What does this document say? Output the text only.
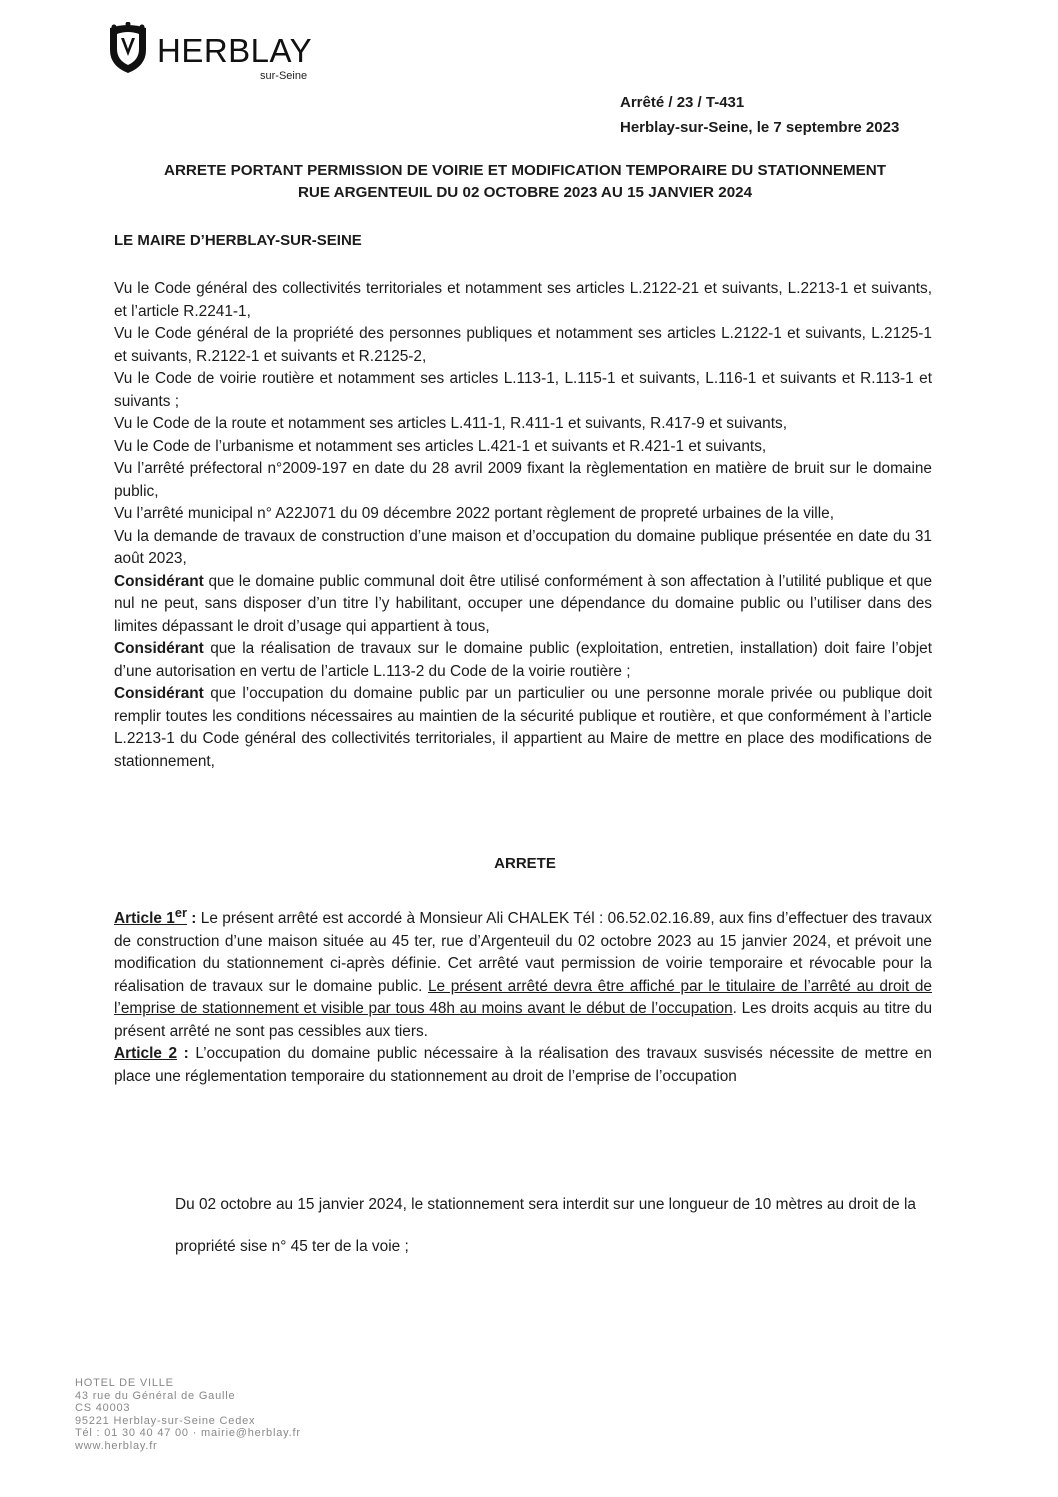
HERBLAY
sur-Seine
Arrêté / 23 / T-431
Herblay-sur-Seine, le 7 septembre 2023
ARRETE PORTANT PERMISSION DE VOIRIE ET MODIFICATION TEMPORAIRE DU STATIONNEMENT
RUE ARGENTEUIL DU 02 OCTOBRE 2023 AU 15 JANVIER 2024
LE MAIRE D’HERBLAY-SUR-SEINE

Vu le Code général des collectivités territoriales et notamment ses articles L.2122-21 et suivants, L.2213-1 et suivants, et l’article R.2241-1,

Vu le Code général de la propriété des personnes publiques et notamment ses articles L.2122-1 et suivants, L.2125-1 et suivants, R.2122-1 et suivants et R.2125-2,

Vu le Code de voirie routière et notamment ses articles L.113-1, L.115-1 et suivants, L.116-1 et suivants et R.113-1 et suivants ;

Vu le Code de la route et notamment ses articles L.411-1, R.411-1 et suivants, R.417-9 et suivants,

Vu le Code de l’urbanisme et notamment ses articles L.421-1 et suivants et R.421-1 et suivants,

Vu l’arrêté préfectoral n°2009-197 en date du 28 avril 2009 fixant la règlementation en matière de bruit sur le domaine public,

Vu l’arrêté municipal n° A22J071 du 09 décembre 2022 portant règlement de propreté urbaines de la ville,

Vu la demande de travaux de construction d’une maison et d’occupation du domaine publique présentée en date du 31 août 2023,

Considérant que le domaine public communal doit être utilisé conformément à son affectation à l’utilité publique et que nul ne peut, sans disposer d’un titre l’y habilitant, occuper une dépendance du domaine public ou l’utiliser dans des limites dépassant le droit d’usage qui appartient à tous,

Considérant que la réalisation de travaux sur le domaine public (exploitation, entretien, installation) doit faire l’objet d’une autorisation en vertu de l’article L.113-2 du Code de la voirie routière ;

Considérant que l’occupation du domaine public par un particulier ou une personne morale privée ou publique doit remplir toutes les conditions nécessaires au maintien de la sécurité publique et routière, et que conformément à l’article L.2213-1 du Code général des collectivités territoriales, il appartient au Maire de mettre en place des modifications de stationnement,

ARRETE

Article 1er : Le présent arrêté est accordé à Monsieur Ali CHALEK Tél : 06.52.02.16.89, aux fins d’effectuer des travaux de construction d’une maison située au 45 ter, rue d’Argenteuil du 02 octobre 2023 au 15 janvier 2024, et prévoit une modification du stationnement ci-après définie. Cet arrêté vaut permission de voirie temporaire et révocable pour la réalisation de travaux sur le domaine public. Le présent arrêté devra être affiché par le titulaire de l’arrêté au droit de l’emprise de stationnement et visible par tous 48h au moins avant le début de l’occupation. Les droits acquis au titre du présent arrêté ne sont pas cessibles aux tiers.

Article 2 : L’occupation du domaine public nécessaire à la réalisation des travaux susvisés nécessite de mettre en place une réglementation temporaire du stationnement au droit de l’emprise de l’occupation

Du 02 octobre au 15 janvier 2024, le stationnement sera interdit sur une longueur de 10 mètres au droit de la propriété sise n° 45 ter de la voie ;
HOTEL DE VILLE
43 rue du Général de Gaulle
CS 40003
95221 Herblay-sur-Seine Cedex
Tél : 01 30 40 47 00 · mairie@herblay.fr
www.herblay.fr
